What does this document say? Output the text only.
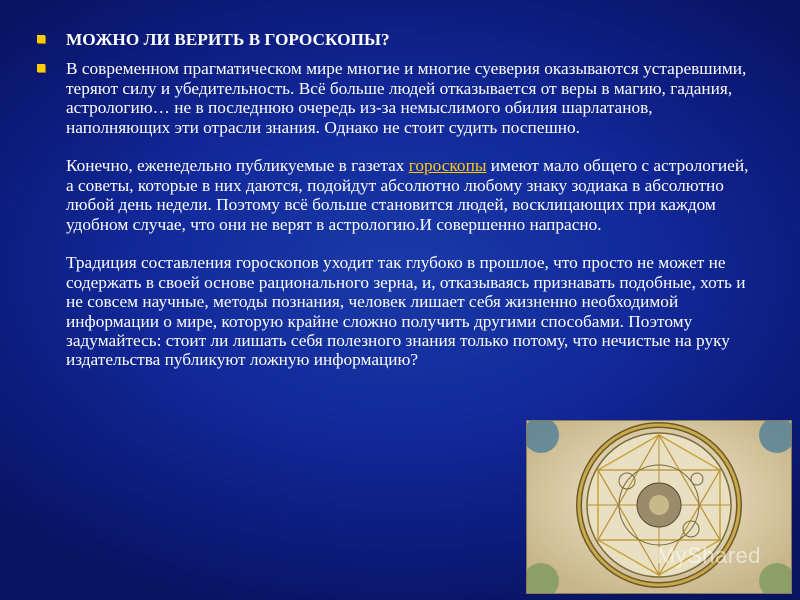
МОЖНО ЛИ ВЕРИТЬ В ГОРОСКОПЫ?
В современном прагматическом мире многие и многие суеверия оказываются устаревшими, теряют силу и убедительность. Всё больше людей отказывается от веры в магию, гадания, астрологию… не в последнюю очередь из-за немыслимого обилия шарлатанов, наполняющих эти отрасли знания. Однако не стоит судить поспешно.
Конечно, еженедельно публикуемые в газетах гороскопы имеют мало общего с астрологией, а советы, которые в них даются, подойдут абсолютно любому знаку зодиака в абсолютно любой день недели. Поэтому всё больше становится людей, восклицающих при каждом удобном случае, что они не верят в астрологию.И совершенно напрасно.
Традиция составления гороскопов уходит так глубоко в прошлое, что просто не может не содержать в своей основе рационального зерна, и, отказываясь признавать подобные, хоть и не совсем научные, методы познания, человек лишает себя жизненно необходимой информации о мире, которую крайне сложно получить другими способами. Поэтому задумайтесь: стоит ли лишать себя полезного знания только потому, что нечистые на руку издательства публикуют ложную информацию?
MyShared
